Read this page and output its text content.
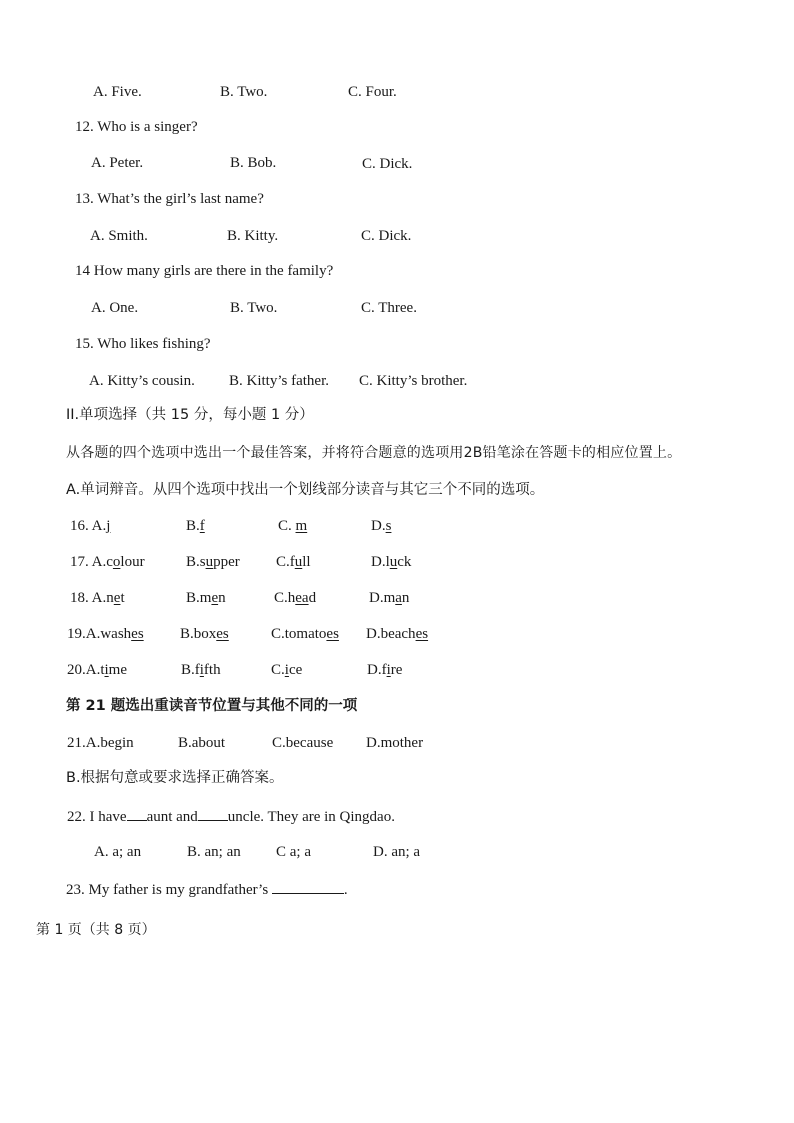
A. Five.	B. Two.	C. Four.
12. Who is a singer?
A. Peter.	B. Bob.	C. Dick.
13. What’s the girl’s last name?
A. Smith.	B. Kitty.	C. Dick.
14 How many girls are there in the family?
A. One.	B. Two.	C. Three.
15. Who likes fishing?
A. Kitty’s cousin. B. Kitty’s father. C. Kitty’s brother.
II.单项选择（共 15 分，每小题 1 分）
从各题的四个选项中选出一个最佳答案，并将符合题意的选项用2B铅笔涂在答题卡的相应位置上。
A.单词辩音。从四个选项中找出一个划线部分读音与其它三个不同的选项。
16. A.j	B.f	C. m	D.s
17. A.colour	B.supper C.full	D.luck
18. A.net	B.men	C.head	D.man
19.A.washes B.boxes	C.tomatoes D.beaches
20.A.time	B.fifth	C.ice	D.fire
第 21 题选出重读音节位置与其他不同的一项
21.A.begin	B.about	C.because D.mother
B.根据句意或要求选择正确答案。
22. I have aunt and uncle. They are in Qingdao.
A. a; an	B. an; an C a; a	D. an; a
23. My father is my grandfather’s	.
第 1 页（共 8 页）
